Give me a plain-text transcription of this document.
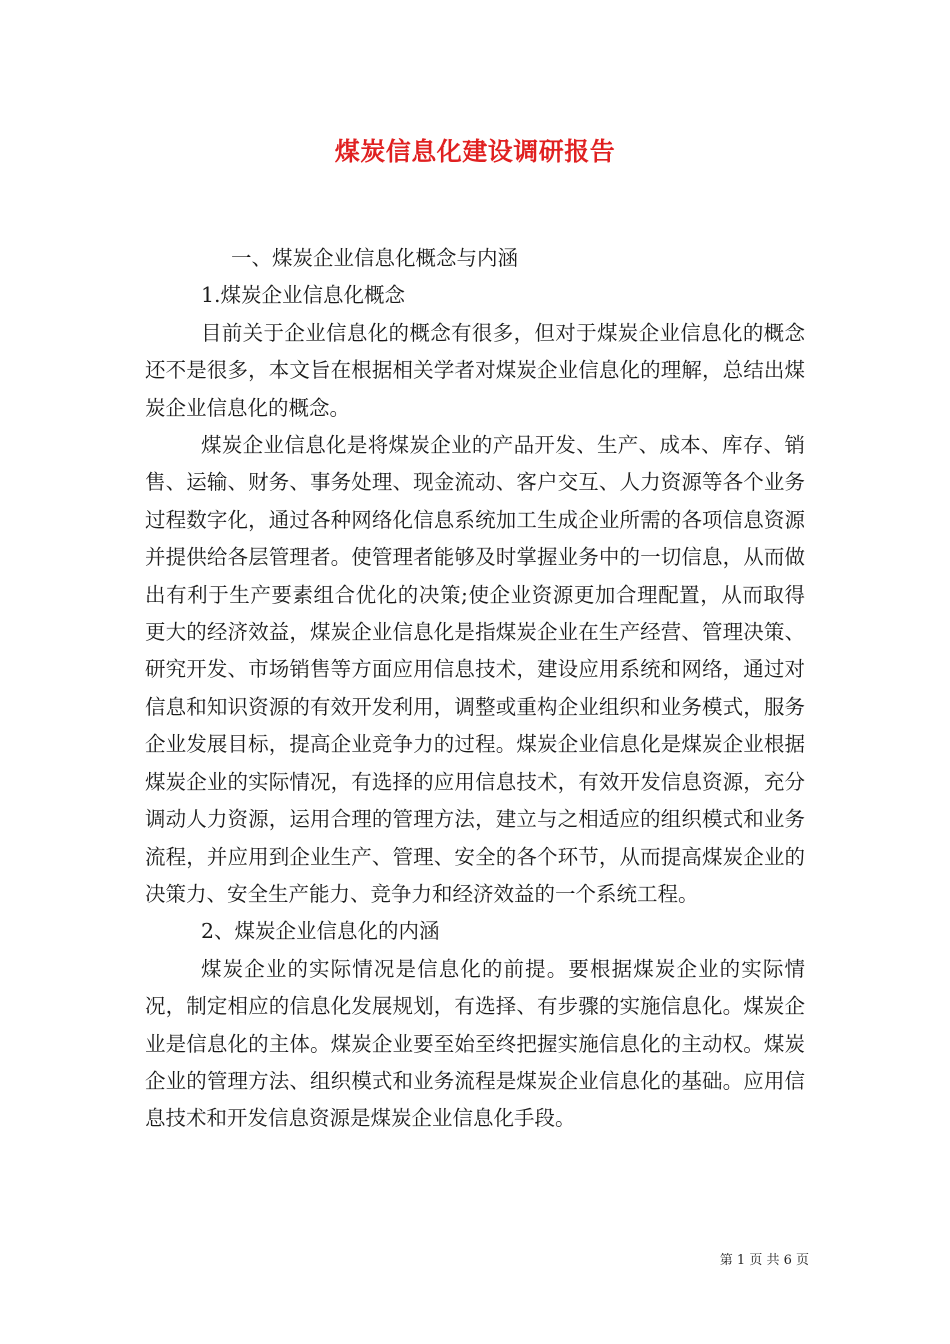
煤炭信息化建设调研报告

一、煤炭企业信息化概念与内涵

1.煤炭企业信息化概念

目前关于企业信息化的概念有很多，但对于煤炭企业信息化的概念还不是很多，本文旨在根据相关学者对煤炭企业信息化的理解，总结出煤炭企业信息化的概念。

煤炭企业信息化是将煤炭企业的产品开发、生产、成本、库存、销售、运输、财务、事务处理、现金流动、客户交互、人力资源等各个业务过程数字化，通过各种网络化信息系统加工生成企业所需的各项信息资源并提供给各层管理者。使管理者能够及时掌握业务中的一切信息，从而做出有利于生产要素组合优化的决策;使企业资源更加合理配置，从而取得更大的经济效益，煤炭企业信息化是指煤炭企业在生产经营、管理决策、研究开发、市场销售等方面应用信息技术，建设应用系统和网络，通过对信息和知识资源的有效开发利用，调整或重构企业组织和业务模式，服务企业发展目标，提高企业竞争力的过程。煤炭企业信息化是煤炭企业根据煤炭企业的实际情况，有选择的应用信息技术，有效开发信息资源，充分调动人力资源，运用合理的管理方法，建立与之相适应的组织模式和业务流程，并应用到企业生产、管理、安全的各个环节，从而提高煤炭企业的决策力、安全生产能力、竞争力和经济效益的一个系统工程。

2、煤炭企业信息化的内涵

煤炭企业的实际情况是信息化的前提。要根据煤炭企业的实际情况，制定相应的信息化发展规划，有选择、有步骤的实施信息化。煤炭企业是信息化的主体。煤炭企业要至始至终把握实施信息化的主动权。煤炭企业的管理方法、组织模式和业务流程是煤炭企业信息化的基础。应用信息技术和开发信息资源是煤炭企业信息化手段。

第 1 页 共 6 页
